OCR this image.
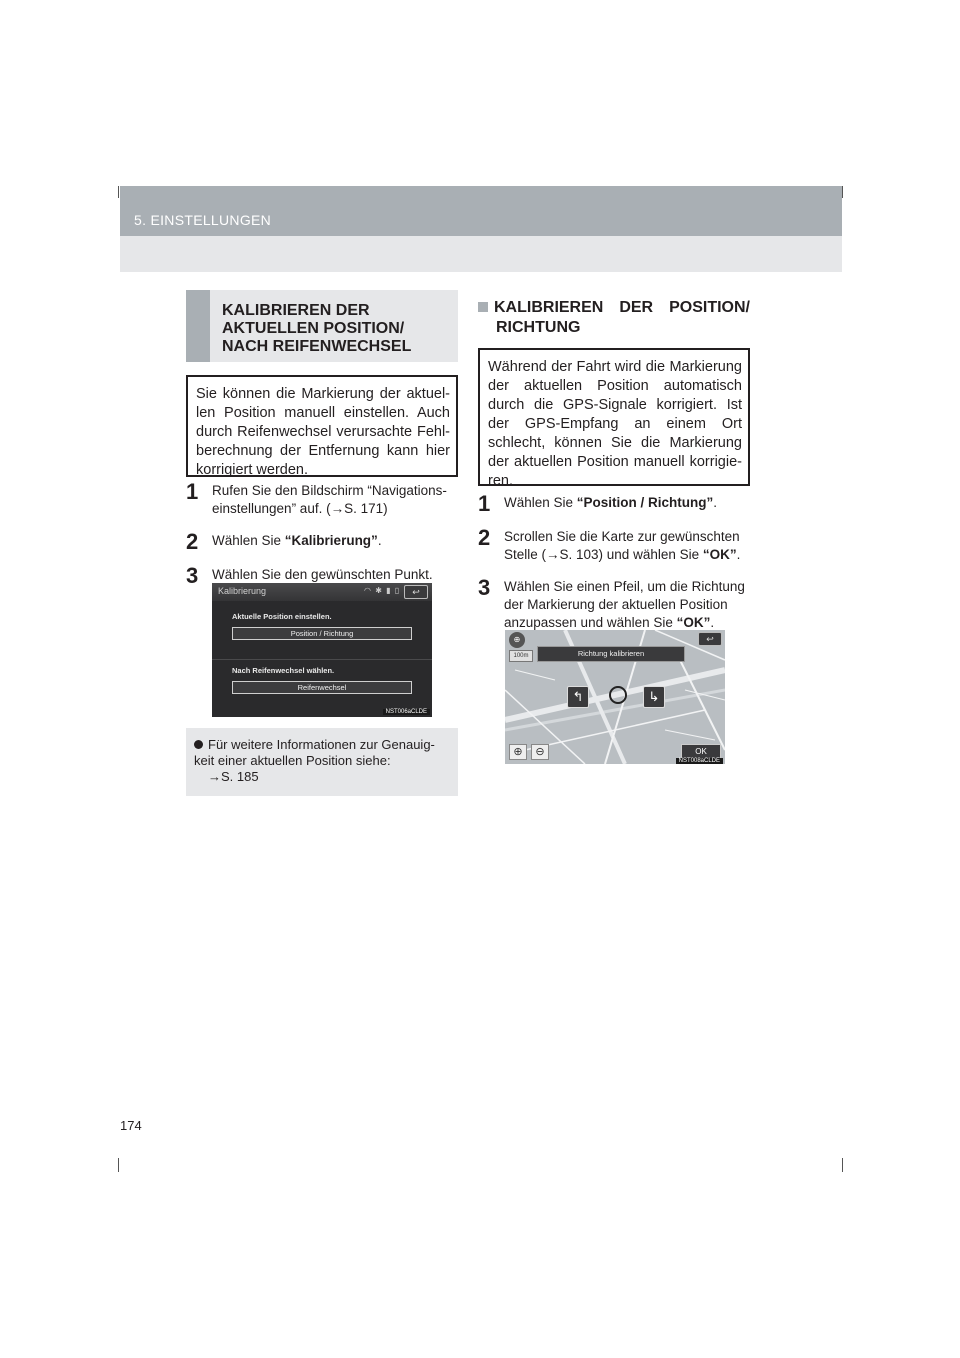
5. EINSTELLUNGEN
KALIBRIEREN DER AKTUELLEN POSITION/ NACH REIFENWECHSEL
Sie können die Markierung der aktuel-len Position manuell einstellen. Auch durch Reifenwechsel verursachte Fehl-berechnung der Entfernung kann hier korrigiert werden.
1	Rufen Sie den Bildschirm “Navigations-einstellungen” auf. (→S. 171)
2	Wählen Sie “Kalibrierung”.
3	Wählen Sie den gewünschten Punkt.
Kalibrierung	◠ ✱ ▮ ▯	↩
Aktuelle Position einstellen.
Position / Richtung
Nach Reifenwechsel wählen.
Reifenwechsel
NST006aCLDE
Für weitere Informationen zur Genauig-
keit einer aktuellen Position siehe:
→S. 185
KALIBRIEREN DER POSITION/
RICHTUNG
Während der Fahrt wird die Markierung der aktuellen Position automatisch durch die GPS-Signale korrigiert. Ist der GPS-Empfang an einem Ort schlecht, können Sie die Markierung der aktuellen Position manuell korrigie-ren.
1	Wählen Sie “Position / Richtung”.
2	Scrollen Sie die Karte zur gewünschten Stelle (→S. 103) und wählen Sie “OK”.
3	Wählen Sie einen Pfeil, um die Richtung der Markierung der aktuellen Position anzupassen und wählen Sie “OK”.
⊕
100m	Richtung kalibrieren
↩
↰	↳
⊕	⊖	OK
NST008aCLDE
174
